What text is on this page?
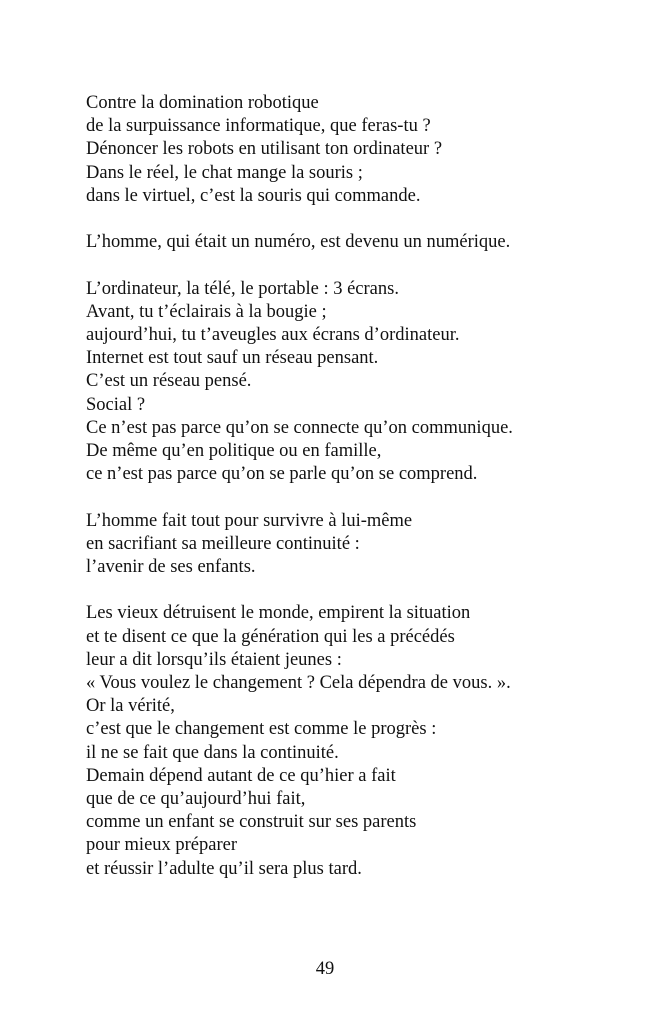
Contre la domination robotique
de la surpuissance informatique, que feras-tu ?
Dénoncer les robots en utilisant ton ordinateur ?
Dans le réel, le chat mange la souris ;
dans le virtuel, c’est la souris qui commande.
L’homme, qui était un numéro, est devenu un numérique.
L’ordinateur, la télé, le portable : 3 écrans.
Avant, tu t’éclairais à la bougie ;
aujourd’hui, tu t’aveugles aux écrans d’ordinateur.
Internet est tout sauf un réseau pensant.
C’est un réseau pensé.
Social ?
Ce n’est pas parce qu’on se connecte qu’on communique.
De même qu’en politique ou en famille,
ce n’est pas parce qu’on se parle qu’on se comprend.
L’homme fait tout pour survivre à lui-même
en sacrifiant sa meilleure continuité :
l’avenir de ses enfants.
Les vieux détruisent le monde, empirent la situation
et te disent ce que la génération qui les a précédés
leur a dit lorsqu’ils étaient jeunes :
« Vous voulez le changement ? Cela dépendra de vous. ».
Or la vérité,
c’est que le changement est comme le progrès :
il ne se fait que dans la continuité.
Demain dépend autant de ce qu’hier a fait
que de ce qu’aujourd’hui fait,
comme un enfant se construit sur ses parents
pour mieux préparer
et réussir l’adulte qu’il sera plus tard.
49
